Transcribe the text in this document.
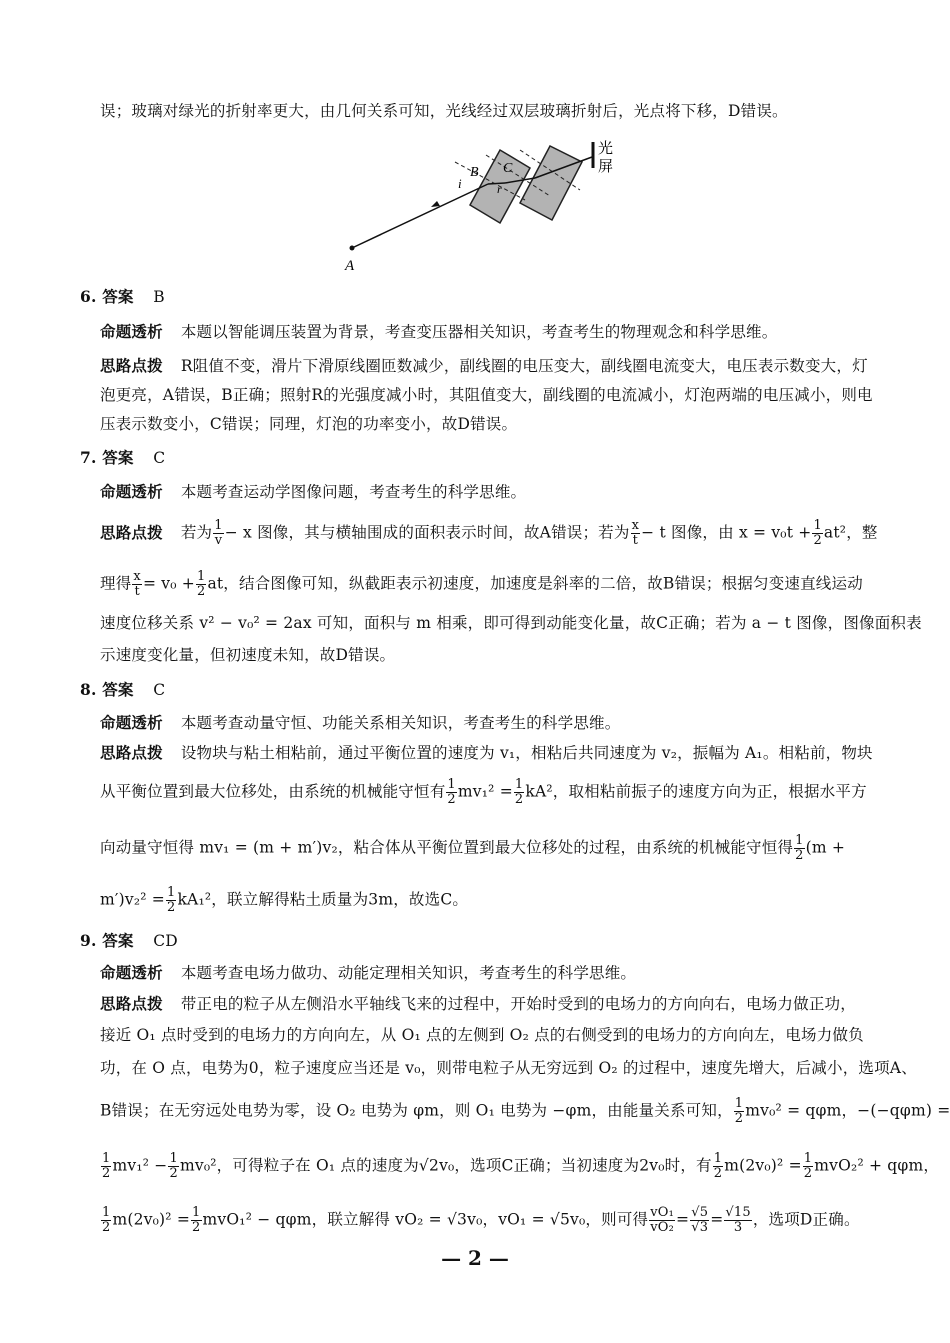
误；玻璃对绿光的折射率更大，由几何关系可知，光线经过双层玻璃折射后，光点将下移，D错误。
A
B C
i	r
光
屏
6. 答案 B
命题透析 本题以智能调压装置为背景，考查变压器相关知识，考查考生的物理观念和科学思维。
思路点拨 R阻值不变，滑片下滑原线圈匝数减少，副线圈的电压变大，副线圈电流变大，电压表示数变大，灯
泡更亮，A错误，B正确；照射R的光强度减小时，其阻值变大，副线圈的电流减小，灯泡两端的电压减小，则电
压表示数变小，C错误；同理，灯泡的功率变小，故D错误。
7. 答案 C
命题透析 本题考查运动学图像问题，考查考生的科学思维。
思路点拨 若为 $\frac{1}{v} - x$ 图像，其与横轴围成的面积表示时间，故A错误；若为 $\frac{x}{t} - t$ 图像，由 $x = v_0t + \frac{1}{2} at^2$，整
理得 $\frac{x}{t} = v_0 + \frac{1}{2}$ at，结合图像可知，纵截距表示初速度，加速度是斜率的二倍，故B错误；根据匀变速直线运动
速度位移关系 v² − v₀² = 2ax 可知，面积与 m 相乘，即可得到动能变化量，故C正确；若为 a − t 图像，图像面积表
示速度变化量，但初速度未知，故D错误。
8. 答案 C
命题透析 本题考查动量守恒、功能关系相关知识，考查考生的科学思维。
思路点拨 设物块与粘土相粘前，通过平衡位置的速度为 v₁，相粘后共同速度为 v₂，振幅为 A₁。相粘前，物块
从平衡位置到最大位移处，由系统的机械能守恒有 $\frac{1}{2} mv_1^2 = \frac{1}{2} kA^2$，取相粘前振子的速度方向为正，根据水平方
向动量守恒得 mv₁ = (m + m′)v₂，粘合体从平衡位置到最大位移处的过程，由系统的机械能守恒得 $\frac{1}{2} (m$ +
$m')v_2^2 = \frac{1}{2} kA_1^2$，联立解得粘土质量为3m，故选C。
9. 答案 CD
命题透析 本题考查电场力做功、动能定理相关知识，考查考生的科学思维。
思路点拨 带正电的粒子从左侧沿水平轴线飞来的过程中，开始时受到的电场力的方向向右，电场力做正功，
接近 O₁ 点时受到的电场力的方向向左，从 O₁ 点的左侧到 O₂ 点的右侧受到的电场力的方向向左，电场力做负
功，在 O 点，电势为0，粒子速度应当还是 v₀，则带电粒子从无穷远到 O₂ 的过程中，速度先增大，后减小，选项A、
B错误；在无穷远处电势为零，设 O₂ 电势为 φm，则 O₁ 电势为 −φm，由能量关系可知， $\frac{1}{2} mv_0^2 = q\varphi m$，−(−qφm) =
$\frac{1}{2} mv_1^2 - \frac{1}{2} mv_0^2$，可得粒子在 O₁ 点的速度为√2v₀，选项C正确；当初速度为2v₀时，有 $\frac{1}{2} m(2v_0)^2 = \frac{1}{2} mvO_2^2 + q\varphi m$，
$\frac{1}{2} m(2v_0)^2 = \frac{1}{2} mvO_1^2 - q\varphi m$，联立解得 vO₂ = √3v₀，vO₁ = √5v₀，则可得 $\frac{\text{vO₁}}{\text{vO₂}} = \frac{√5}{√3} = \frac{√15}{3}$ ，选项D正确。
— 2 —
